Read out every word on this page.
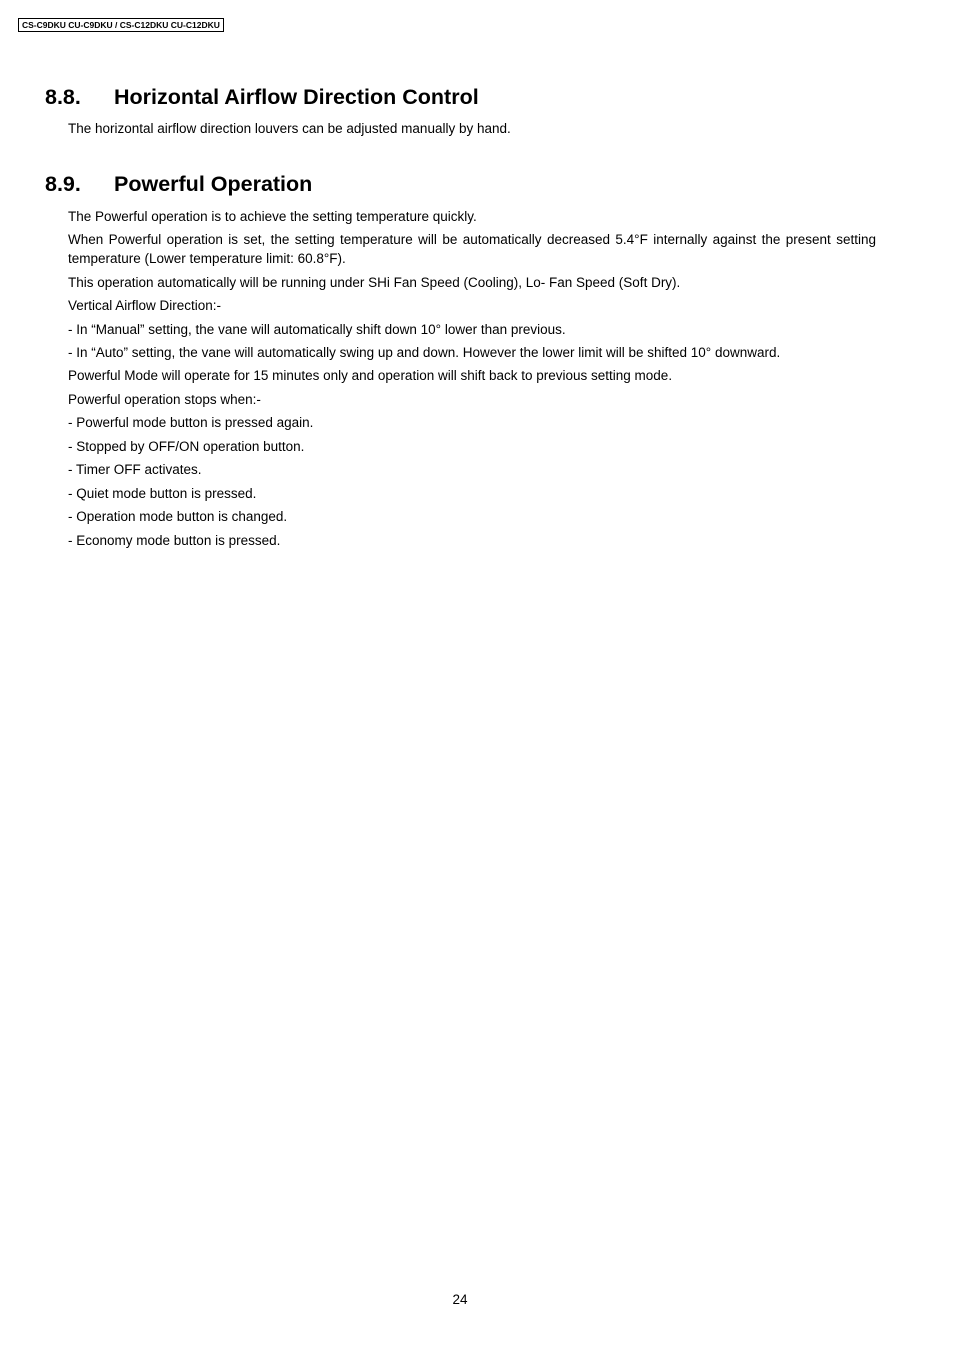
CS-C9DKU CU-C9DKU / CS-C12DKU CU-C12DKU
8.8. Horizontal Airflow Direction Control
The horizontal airflow direction louvers can be adjusted manually by hand.
8.9. Powerful Operation
The Powerful operation is to achieve the setting temperature quickly.
When Powerful operation is set, the setting temperature will be automatically decreased 5.4°F internally against the present setting temperature (Lower temperature limit: 60.8°F).
This operation automatically will be running under SHi Fan Speed (Cooling), Lo- Fan Speed (Soft Dry).
Vertical Airflow Direction:-
- In “Manual” setting, the vane will automatically shift down 10° lower than previous.
- In “Auto” setting, the vane will automatically swing up and down. However the lower limit will be shifted 10° downward.
Powerful Mode will operate for 15 minutes only and operation will shift back to previous setting mode.
Powerful operation stops when:-
- Powerful mode button is pressed again.
- Stopped by OFF/ON operation button.
- Timer OFF activates.
- Quiet mode button is pressed.
- Operation mode button is changed.
- Economy mode button is pressed.
24
